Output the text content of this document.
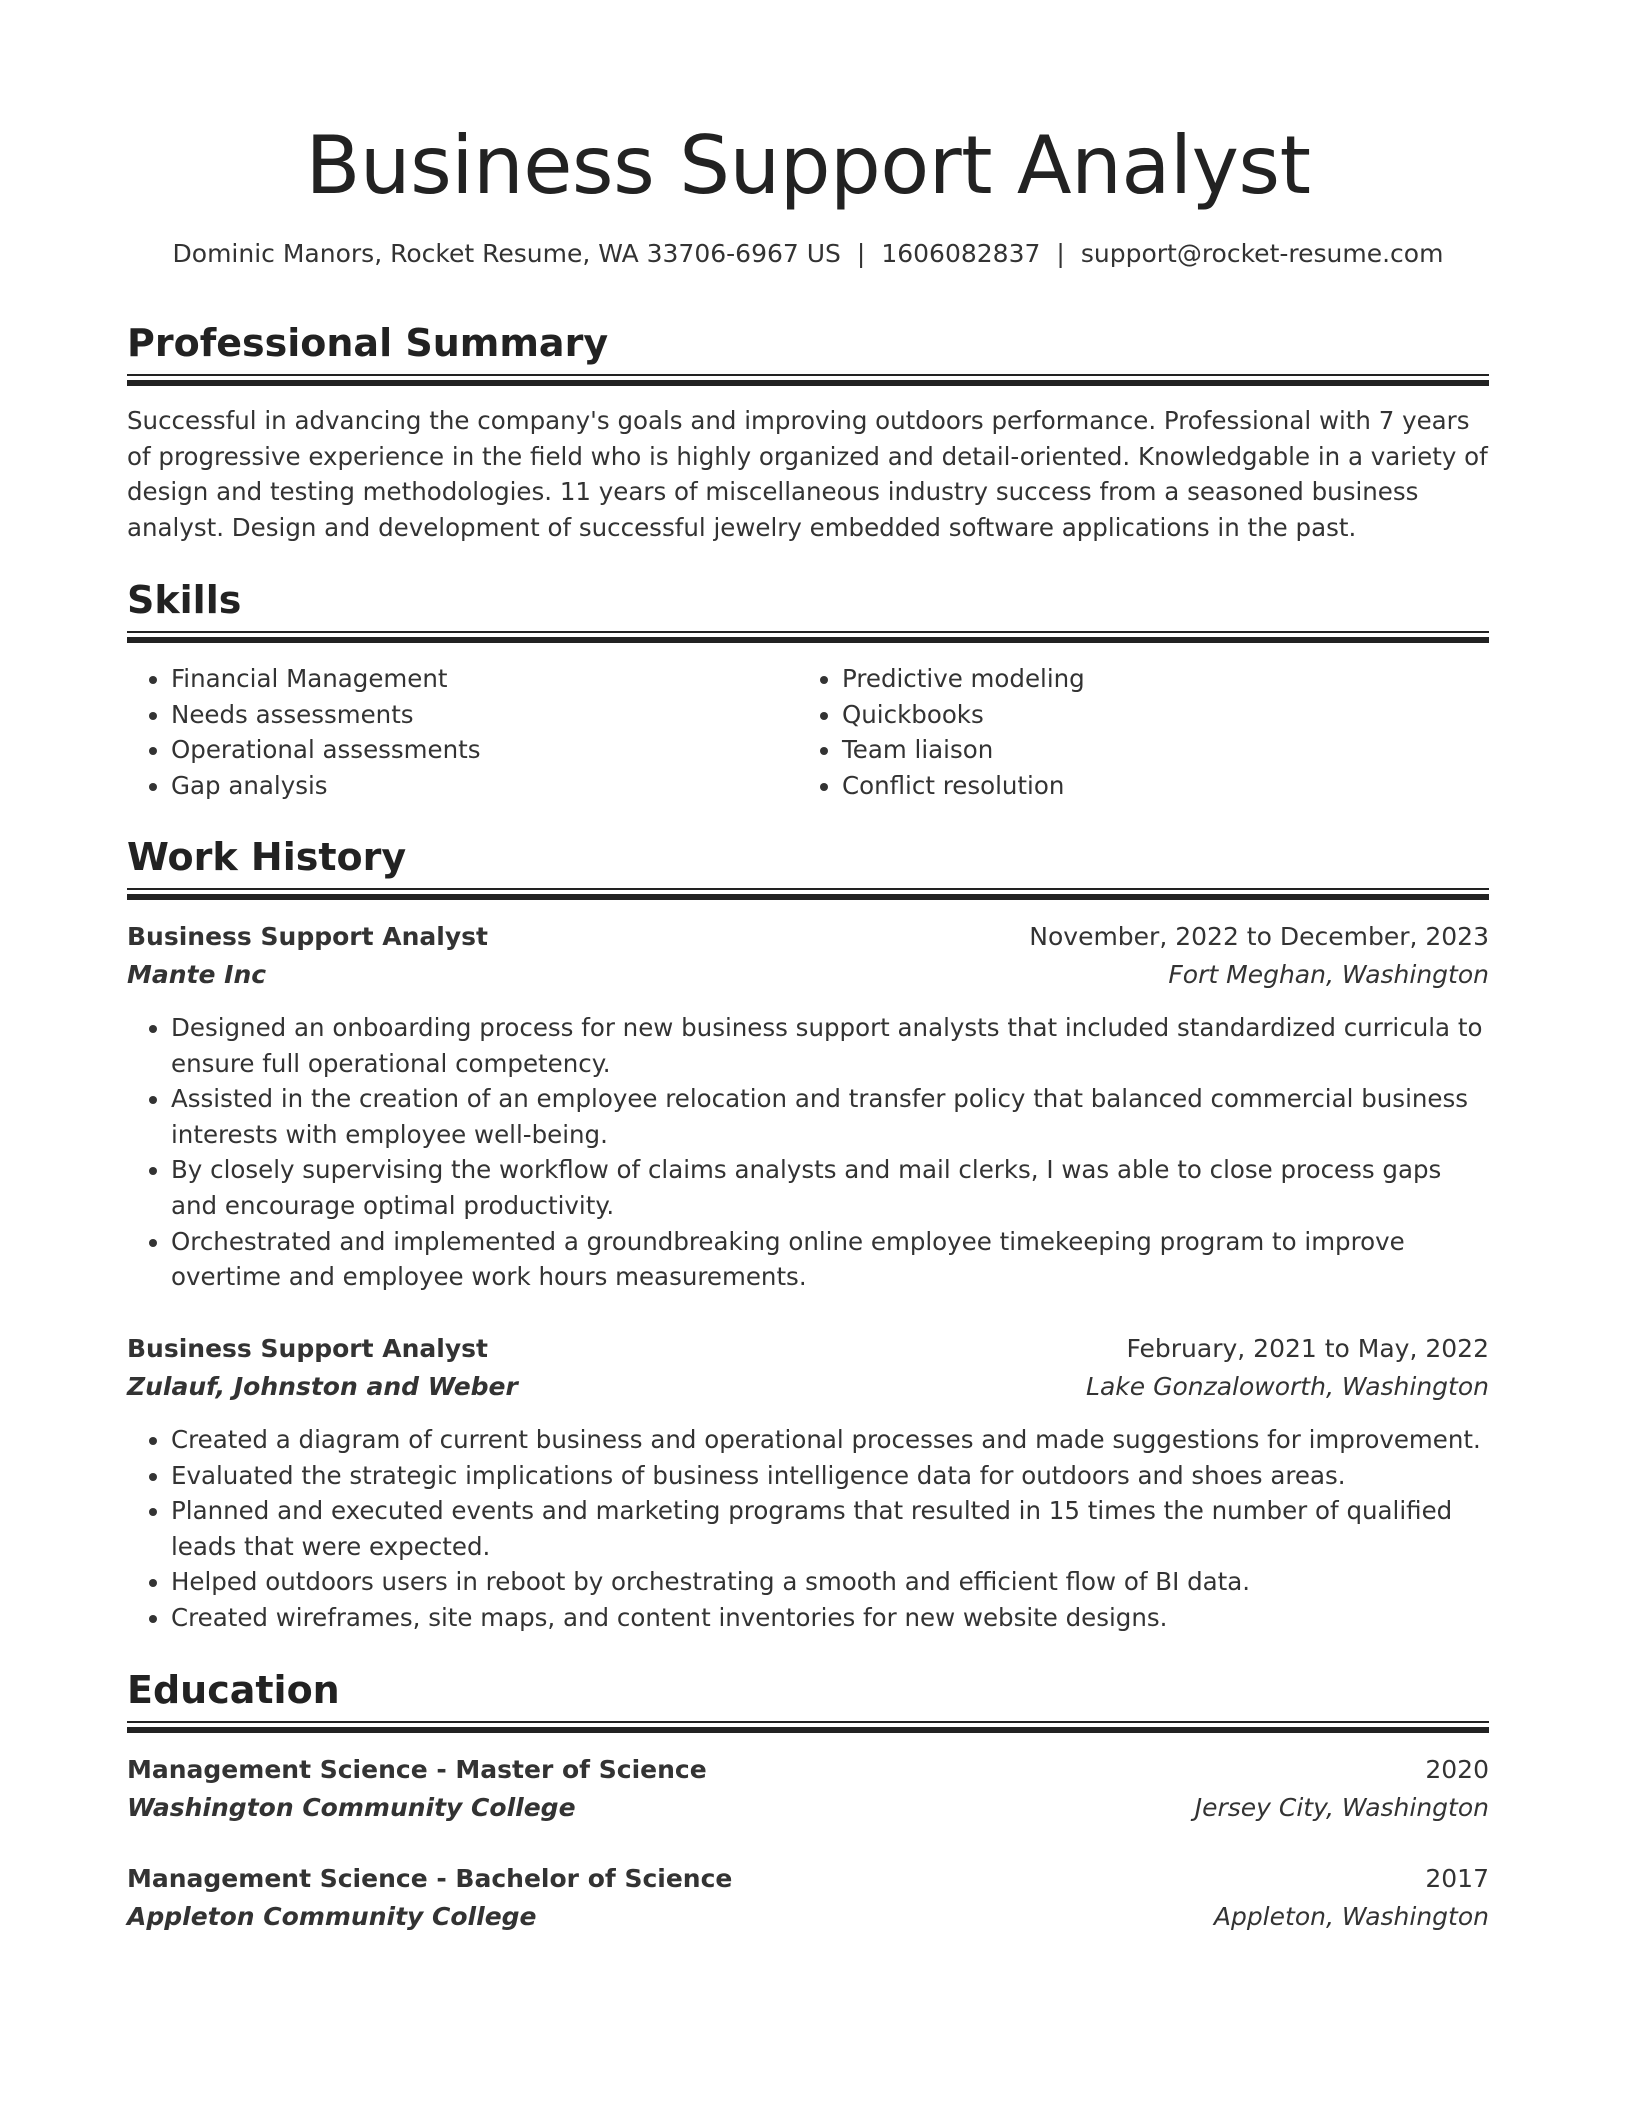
Business Support Analyst
Dominic Manors, Rocket Resume, WA 33706-6967 US | 1606082837 | support@rocket-resume.com
Professional Summary

Successful in advancing the company's goals and improving outdoors performance. Professional with 7 years of progressive experience in the field who is highly organized and detail-oriented. Knowledgable in a variety of design and testing methodologies. 11 years of miscellaneous industry success from a seasoned business analyst. Design and development of successful jewelry embedded software applications in the past.

Skills
• Financial Management
• Needs assessments
• Operational assessments
• Gap analysis
• Predictive modeling
• Quickbooks
• Team liaison
• Conflict resolution
Work History
Business Support Analyst	November, 2022 to December, 2023
Mante Inc	Fort Meghan, Washington
• Designed an onboarding process for new business support analysts that included standardized curricula to ensure full operational competency.
• Assisted in the creation of an employee relocation and transfer policy that balanced commercial business interests with employee well-being.
• By closely supervising the workflow of claims analysts and mail clerks, I was able to close process gaps and encourage optimal productivity.
• Orchestrated and implemented a groundbreaking online employee timekeeping program to improve overtime and employee work hours measurements.
Business Support Analyst	February, 2021 to May, 2022
Zulauf, Johnston and Weber	Lake Gonzaloworth, Washington
• Created a diagram of current business and operational processes and made suggestions for improvement.
• Evaluated the strategic implications of business intelligence data for outdoors and shoes areas.
• Planned and executed events and marketing programs that resulted in 15 times the number of qualified leads that were expected.
• Helped outdoors users in reboot by orchestrating a smooth and efficient flow of BI data.
• Created wireframes, site maps, and content inventories for new website designs.
Education
Management Science - Master of Science	2020
Washington Community College	Jersey City, Washington
Management Science - Bachelor of Science	2017
Appleton Community College	Appleton, Washington
